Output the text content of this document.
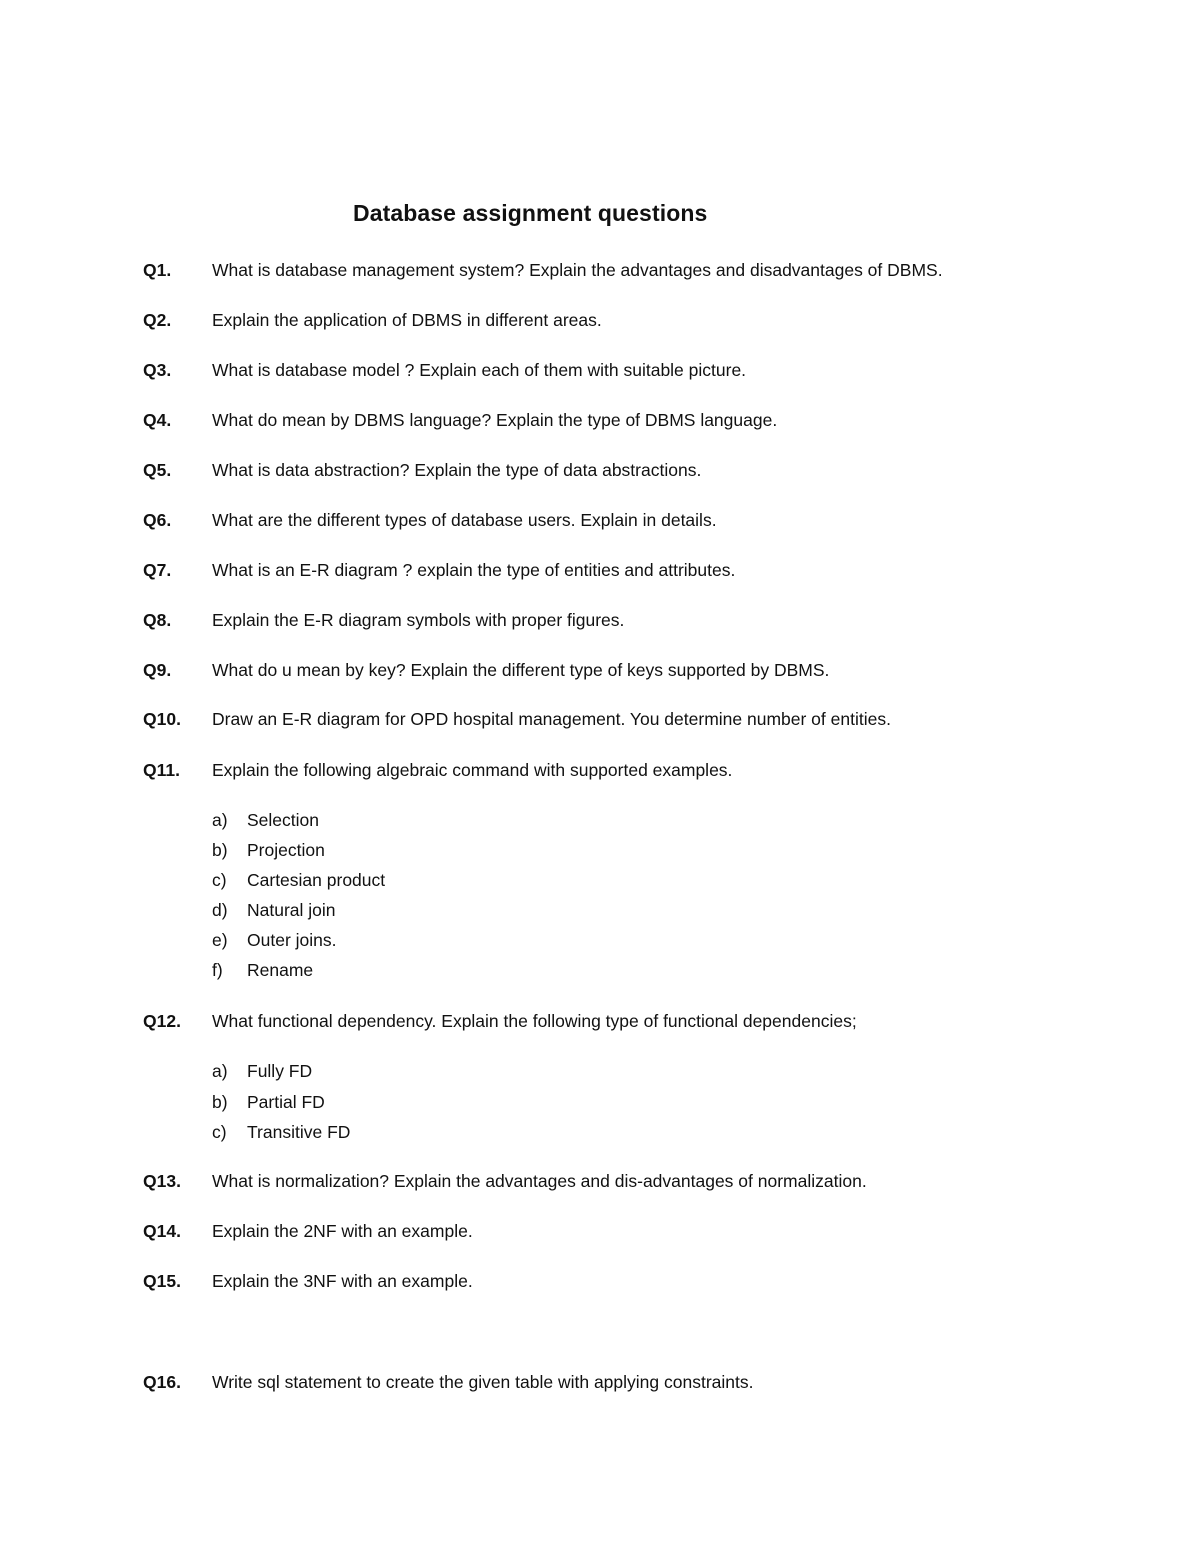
Database assignment questions
Q1. What is database management system? Explain the advantages and disadvantages of DBMS.
Q2. Explain the application of DBMS in different areas.
Q3. What is database model ? Explain each of them with suitable picture.
Q4. What do mean by DBMS language? Explain the type of DBMS language.
Q5. What is data abstraction? Explain the type of data abstractions.
Q6. What are the different types of database users. Explain in details.
Q7. What is an E-R diagram ? explain the type of entities and attributes.
Q8. Explain the E-R diagram symbols with proper figures.
Q9. What do u mean by key? Explain the different type of keys supported by DBMS.
Q10. Draw an E-R diagram for OPD hospital management. You determine number of entities.
Q11. Explain the following algebraic command with supported examples.
a) Selection
b) Projection
c) Cartesian product
d) Natural join
e) Outer joins.
f) Rename
Q12. What functional dependency. Explain the following type of functional dependencies;
a) Fully FD
b) Partial FD
c) Transitive FD
Q13. What is normalization? Explain the advantages and dis-advantages of normalization.
Q14. Explain the 2NF with an example.
Q15. Explain the 3NF with an example.
Q16. Write sql statement to create the given table with applying constraints.
